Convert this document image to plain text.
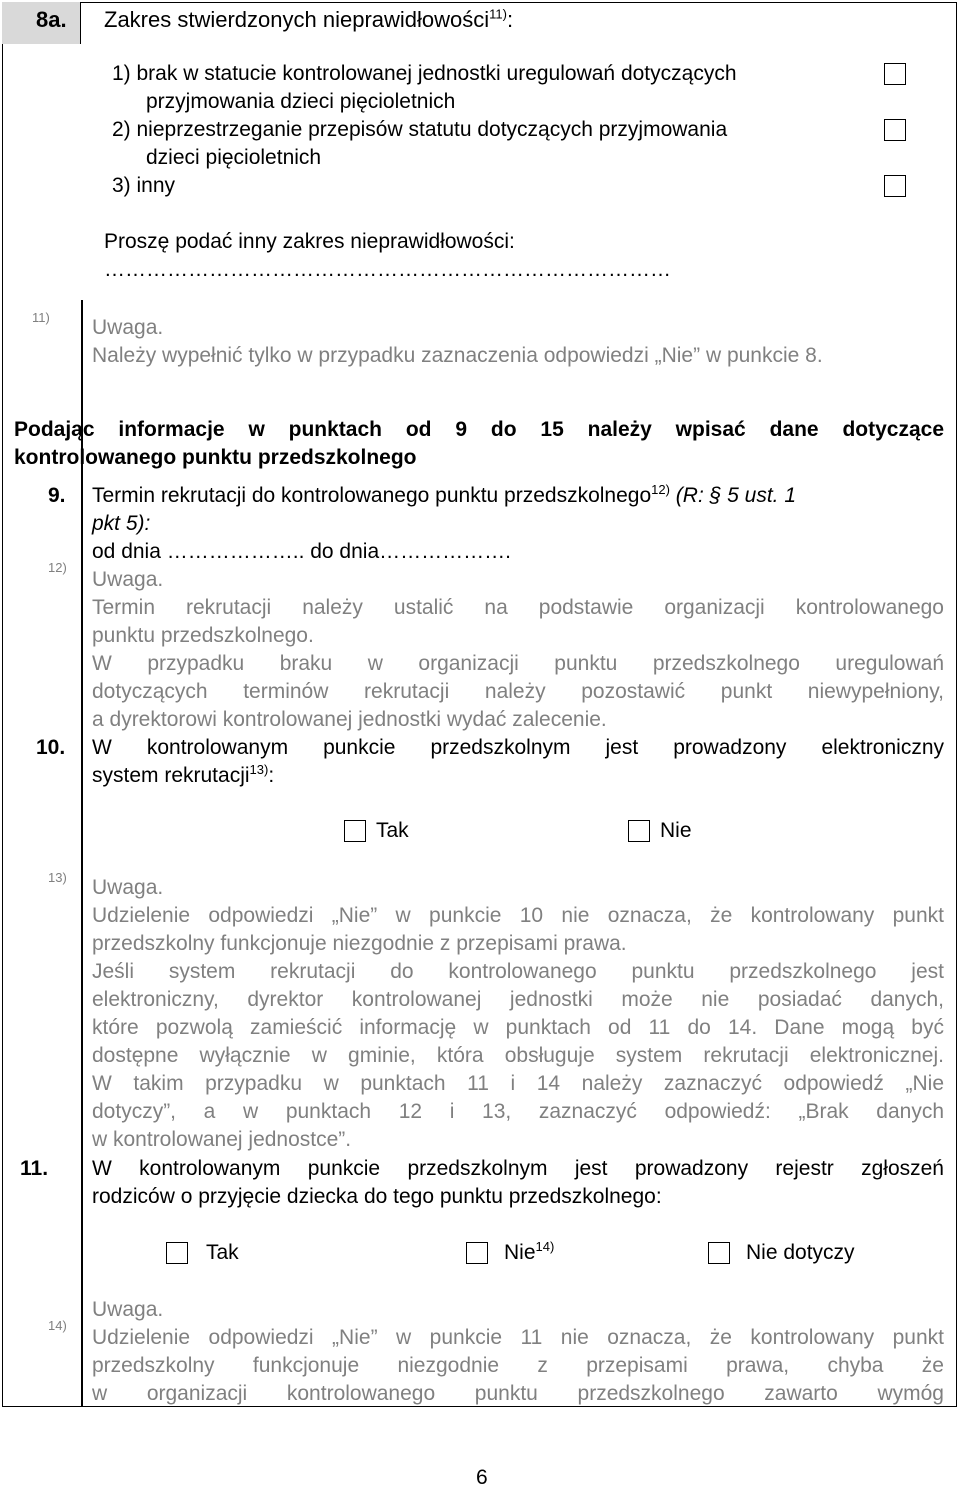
8a. Zakres stwierdzonych nieprawidłowości$^{11)}$:
1) brak w statucie kontrolowanej jednostki uregulowań dotyczących
przyjmowania dzieci pięcioletnich
2) nieprzestrzeganie przepisów statutu dotyczących przyjmowania
dzieci pięcioletnich
3) inny
Proszę podać inny zakres nieprawidłowości:
………………………………………………………………………
11) Uwaga.
Należy wypełnić tylko w przypadku zaznaczenia odpowiedzi „Nie” w punkcie 8.
Podając informacje w punktach od 9 do 15 należy wpisać dane dotyczące
kontrolowanego punktu przedszkolnego
9. Termin rekrutacji do kontrolowanego punktu przedszkolnego$^{12)}$ (R: § 5 ust. 1
pkt 5):
od dnia ……………….. do dnia……………….
12)
Uwaga.
Termin rekrutacji należy ustalić na podstawie organizacji kontrolowanego
punktu przedszkolnego.
W przypadku braku w organizacji punktu przedszkolnego uregulowań
dotyczących terminów rekrutacji należy pozostawić punkt niewypełniony,
a dyrektorowi kontrolowanej jednostki wydać zalecenie.
10. W kontrolowanym punkcie przedszkolnym jest prowadzony elektroniczny
system rekrutacji$^{13)}$:
Tak	Nie
13) Uwaga.
Udzielenie odpowiedzi „Nie” w punkcie 10 nie oznacza, że kontrolowany punkt
przedszkolny funkcjonuje niezgodnie z przepisami prawa.
Jeśli system rekrutacji do kontrolowanego punktu przedszkolnego jest
elektroniczny, dyrektor kontrolowanej jednostki może nie posiadać danych,
które pozwolą zamieścić informację w punktach od 11 do 14. Dane mogą być
dostępne wyłącznie w gminie, która obsługuje system rekrutacji elektronicznej.
W takim przypadku w punktach 11 i 14 należy zaznaczyć odpowiedź „Nie
dotyczy”, a w punktach 12 i 13, zaznaczyć odpowiedź: „Brak danych
w kontrolowanej jednostce”.
11. W kontrolowanym punkcie przedszkolnym jest prowadzony rejestr zgłoszeń
rodziców o przyjęcie dziecka do tego punktu przedszkolnego:
Tak	Nie$^{14)}$	Nie dotyczy
14)
Uwaga.
Udzielenie odpowiedzi „Nie” w punkcie 11 nie oznacza, że kontrolowany punkt
przedszkolny funkcjonuje niezgodnie z przepisami prawa, chyba że
w organizacji kontrolowanego punktu przedszkolnego zawarto wymóg
6
